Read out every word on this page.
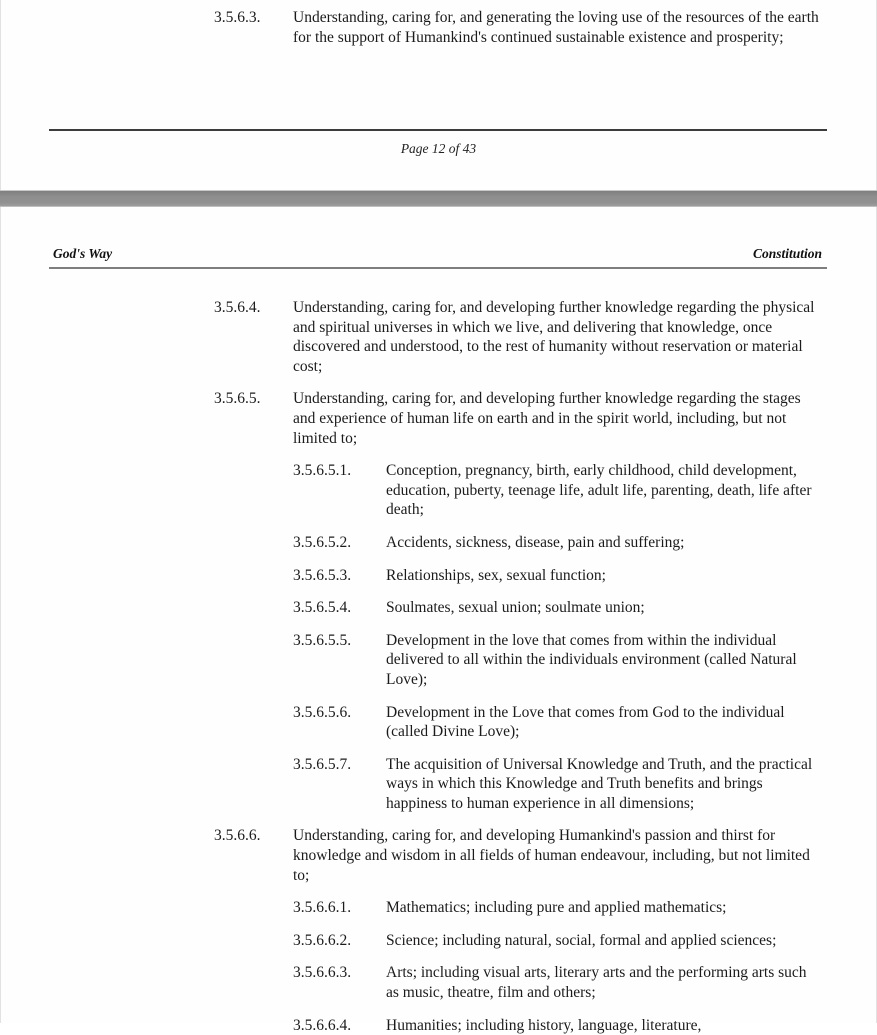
3.5.6.3.	Understanding, caring for, and generating the loving use of the resources of the earth for the support of Humankind's continued sustainable existence and prosperity;
Page 12 of 43
God's Way	Constitution
3.5.6.4.	Understanding, caring for, and developing further knowledge regarding the physical and spiritual universes in which we live, and delivering that knowledge, once discovered and understood, to the rest of humanity without reservation or material cost;
3.5.6.5.	Understanding, caring for, and developing further knowledge regarding the stages and experience of human life on earth and in the spirit world, including, but not limited to;
3.5.6.5.1.	Conception, pregnancy, birth, early childhood, child development, education, puberty, teenage life, adult life, parenting, death, life after death;
3.5.6.5.2.	Accidents, sickness, disease, pain and suffering;
3.5.6.5.3.	Relationships, sex, sexual function;
3.5.6.5.4.	Soulmates, sexual union; soulmate union;
3.5.6.5.5.	Development in the love that comes from within the individual delivered to all within the individuals environment (called Natural Love);
3.5.6.5.6.	Development in the Love that comes from God to the individual (called Divine Love);
3.5.6.5.7.	The acquisition of Universal Knowledge and Truth, and the practical ways in which this Knowledge and Truth benefits and brings happiness to human experience in all dimensions;
3.5.6.6.	Understanding, caring for, and developing Humankind's passion and thirst for knowledge and wisdom in all fields of human endeavour, including, but not limited to;
3.5.6.6.1.	Mathematics; including pure and applied mathematics;
3.5.6.6.2.	Science; including natural, social, formal and applied sciences;
3.5.6.6.3.	Arts; including visual arts, literary arts and the performing arts such as music, theatre, film and others;
3.5.6.6.4.	Humanities; including history, language, literature,
